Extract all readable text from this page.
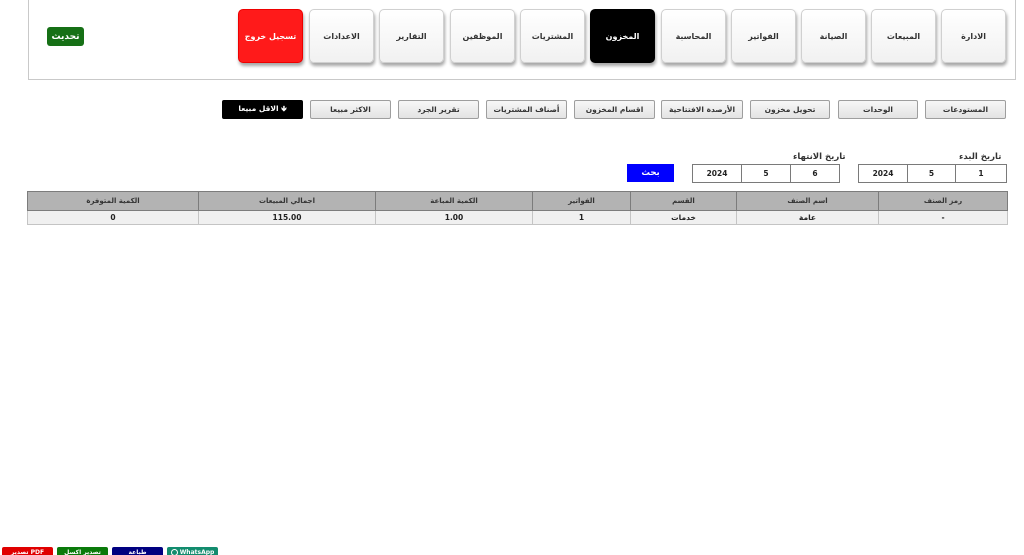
تحديث	الادارة
المبيعات
الصيانة
الفواتير
المحاسبة
المخزون
المشتريات
الموظفين
التقارير
الاعدادات
تسجيل خروج
المستودعات
الوحدات
تحويل مخزون
الأرصدة الافتتاحية
اقسام المخزون
أصناف المشتريات
تقرير الجرد
الاكثر مبيعا
الاقل مبيعا 🡻
تاريخ البدء
تاريخ الانتهاء
1
5
2024
6
5
2024
بحث
رمز الصنف	اسم الصنف	القسم	الفواتير	الكمية المباعة	اجمالي المبيعات	الكمية المتوفرة
-	عامة	خدمات	1	1.00	115.00	0
تصدير PDF	تصدير اكسل	طباعة	WhatsApp
